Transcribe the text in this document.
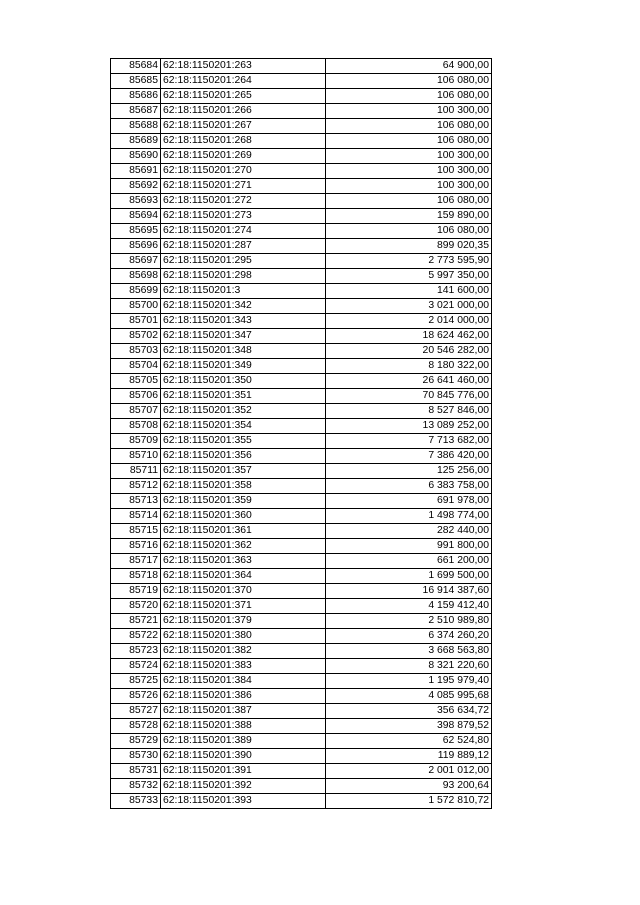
85684	62:18:1150201:263	64 900,00
85685	62:18:1150201:264	106 080,00
85686	62:18:1150201:265	106 080,00
85687	62:18:1150201:266	100 300,00
85688	62:18:1150201:267	106 080,00
85689	62:18:1150201:268	106 080,00
85690	62:18:1150201:269	100 300,00
85691	62:18:1150201:270	100 300,00
85692	62:18:1150201:271	100 300,00
85693	62:18:1150201:272	106 080,00
85694	62:18:1150201:273	159 890,00
85695	62:18:1150201:274	106 080,00
85696	62:18:1150201:287	899 020,35
85697	62:18:1150201:295	2 773 595,90
85698	62:18:1150201:298	5 997 350,00
85699	62:18:1150201:3	141 600,00
85700	62:18:1150201:342	3 021 000,00
85701	62:18:1150201:343	2 014 000,00
85702	62:18:1150201:347	18 624 462,00
85703	62:18:1150201:348	20 546 282,00
85704	62:18:1150201:349	8 180 322,00
85705	62:18:1150201:350	26 641 460,00
85706	62:18:1150201:351	70 845 776,00
85707	62:18:1150201:352	8 527 846,00
85708	62:18:1150201:354	13 089 252,00
85709	62:18:1150201:355	7 713 682,00
85710	62:18:1150201:356	7 386 420,00
85711	62:18:1150201:357	125 256,00
85712	62:18:1150201:358	6 383 758,00
85713	62:18:1150201:359	691 978,00
85714	62:18:1150201:360	1 498 774,00
85715	62:18:1150201:361	282 440,00
85716	62:18:1150201:362	991 800,00
85717	62:18:1150201:363	661 200,00
85718	62:18:1150201:364	1 699 500,00
85719	62:18:1150201:370	16 914 387,60
85720	62:18:1150201:371	4 159 412,40
85721	62:18:1150201:379	2 510 989,80
85722	62:18:1150201:380	6 374 260,20
85723	62:18:1150201:382	3 668 563,80
85724	62:18:1150201:383	8 321 220,60
85725	62:18:1150201:384	1 195 979,40
85726	62:18:1150201:386	4 085 995,68
85727	62:18:1150201:387	356 634,72
85728	62:18:1150201:388	398 879,52
85729	62:18:1150201:389	62 524,80
85730	62:18:1150201:390	119 889,12
85731	62:18:1150201:391	2 001 012,00
85732	62:18:1150201:392	93 200,64
85733	62:18:1150201:393	1 572 810,72
